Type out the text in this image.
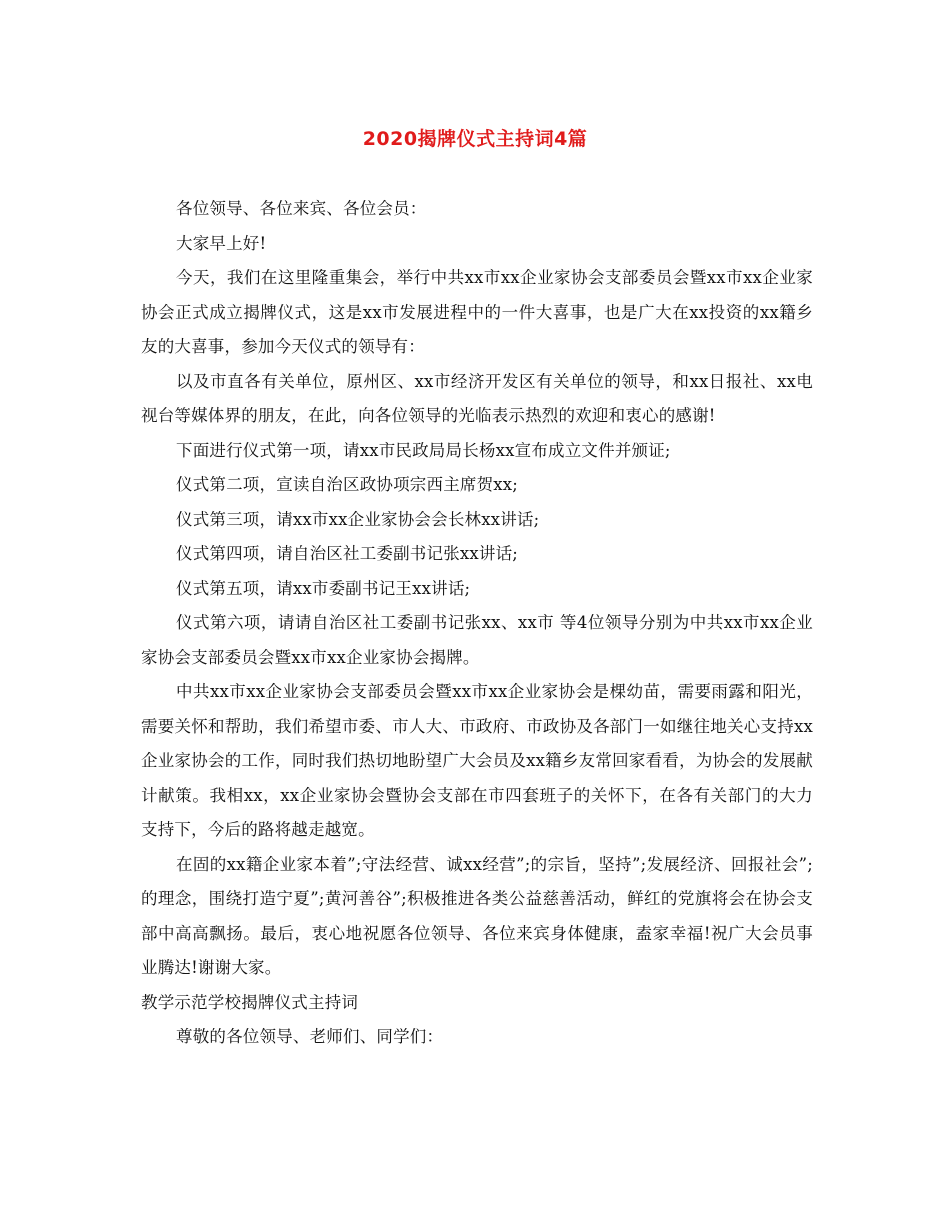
2020揭牌仪式主持词4篇

各位领导、各位来宾、各位会员：

大家早上好!

今天，我们在这里隆重集会，举行中共xx市xx企业家协会支部委员会暨xx市xx企业家协会正式成立揭牌仪式，这是xx市发展进程中的一件大喜事，也是广大在xx投资的xx籍乡友的大喜事，参加今天仪式的领导有：

以及市直各有关单位，原州区、xx市经济开发区有关单位的领导，和xx日报社、xx电视台等媒体界的朋友，在此，向各位领导的光临表示热烈的欢迎和衷心的感谢!

下面进行仪式第一项，请xx市民政局局长杨xx宣布成立文件并颁证;

仪式第二项，宣读自治区政协项宗西主席贺xx;

仪式第三项，请xx市xx企业家协会会长林xx讲话;

仪式第四项，请自治区社工委副书记张xx讲话;

仪式第五项，请xx市委副书记王xx讲话;

仪式第六项，请请自治区社工委副书记张xx、xx市 等4位领导分别为中共xx市xx企业家协会支部委员会暨xx市xx企业家协会揭牌。

中共xx市xx企业家协会支部委员会暨xx市xx企业家协会是棵幼苗，需要雨露和阳光，需要关怀和帮助，我们希望市委、市人大、市政府、市政协及各部门一如继往地关心支持xx企业家协会的工作，同时我们热切地盼望广大会员及xx籍乡友常回家看看，为协会的发展献计献策。我相xx，xx企业家协会暨协会支部在市四套班子的关怀下，在各有关部门的大力支持下，今后的路将越走越宽。

在固的xx籍企业家本着”;守法经营、诚xx经营”;的宗旨，坚持”;发展经济、回报社会”;的理念，围绕打造宁夏”;黄河善谷”;积极推进各类公益慈善活动，鲜红的党旗将会在协会支部中高高飘扬。最后，衷心地祝愿各位领导、各位来宾身体健康，盍家幸福!祝广大会员事业腾达!谢谢大家。

教学示范学校揭牌仪式主持词

尊敬的各位领导、老师们、同学们：
